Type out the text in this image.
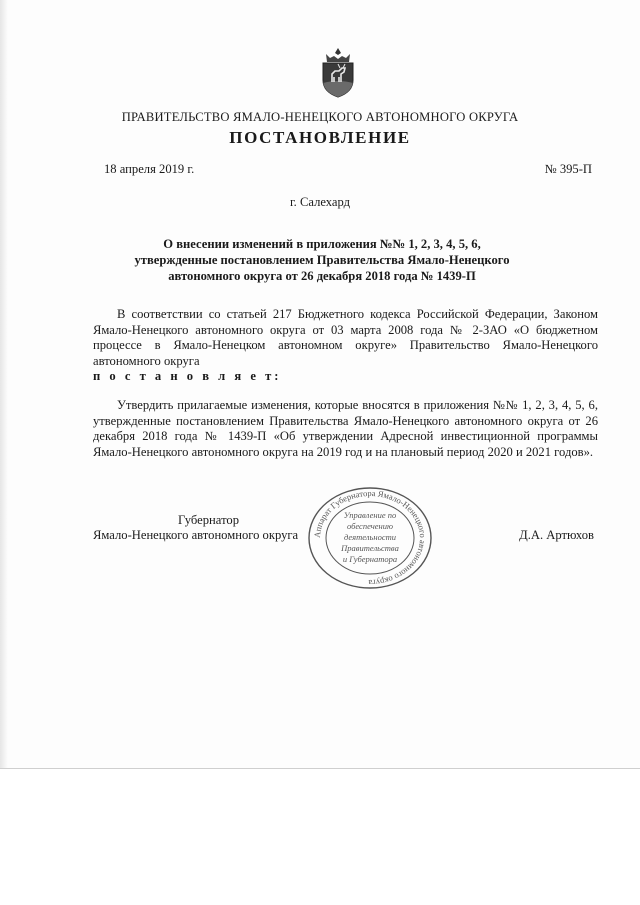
ПРАВИТЕЛЬСТВО ЯМАЛО-НЕНЕЦКОГО АВТОНОМНОГО ОКРУГА
ПОСТАНОВЛЕНИЕ
18 апреля 2019 г.	№ 395-П
г. Салехард
О внесении изменений в приложения №№ 1, 2, 3, 4, 5, 6,
утвержденные постановлением Правительства Ямало-Ненецкого
автономного округа от 26 декабря 2018 года № 1439-П
В соответствии со статьей 217 Бюджетного кодекса Российской Федерации, Законом Ямало-Ненецкого автономного округа от 03 марта 2008 года № 2-ЗАО «О бюджетном процессе в Ямало-Ненецком автономном округе» Правительство Ямало-Ненецкого автономного округа
п о с т а н о в л я е т:
Утвердить прилагаемые изменения, которые вносятся в приложения №№ 1, 2, 3, 4, 5, 6, утвержденные постановлением Правительства Ямало-Ненецкого автономного округа от 26 декабря 2018 года № 1439-П «Об утверждении Адресной инвестиционной программы Ямало-Ненецкого автономного округа на 2019 год и на плановый период 2020 и 2021 годов».
Губернатор
Ямало-Ненецкого автономного округа	Д.А. Артюхов
Аппарат Губернатора Ямало-Ненецкого автономного округа
Управление по
обеспечению
деятельности
Правительства
и Губернатора
